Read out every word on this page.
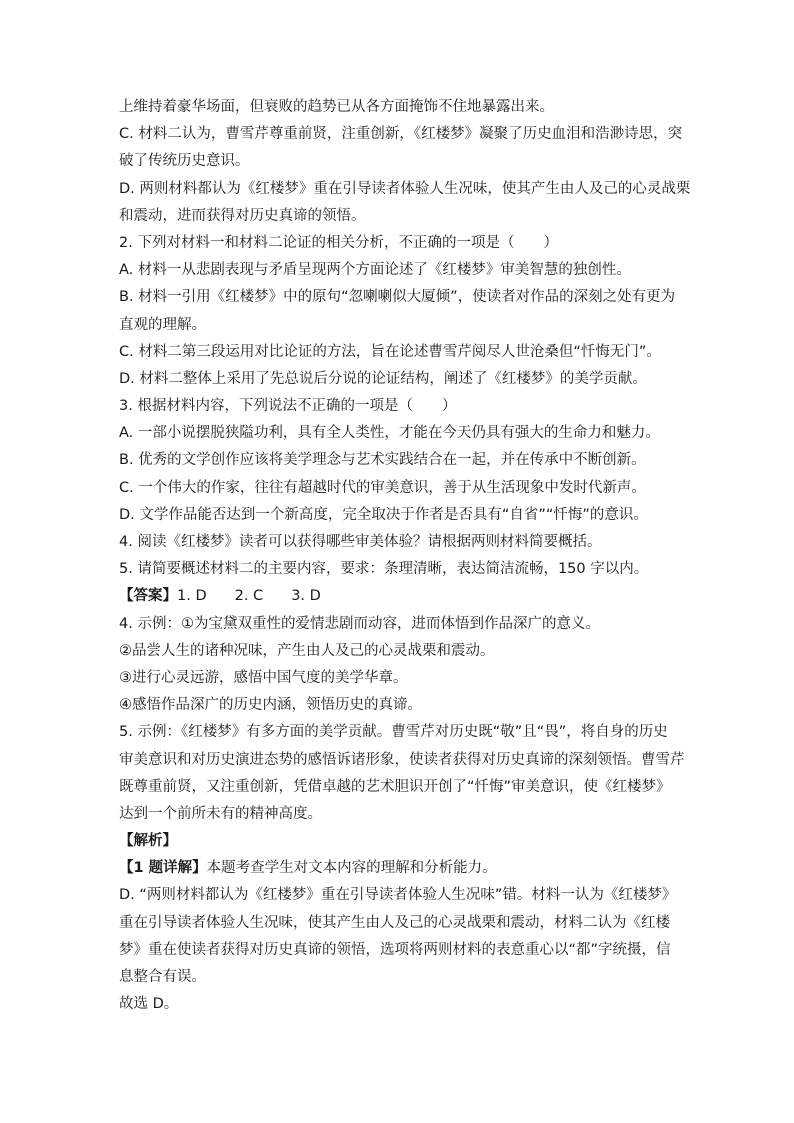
上维持着豪华场面，但衰败的趋势已从各方面掩饰不住地暴露出来。
C. 材料二认为，曹雪芹尊重前贤，注重创新，《红楼梦》凝聚了历史血泪和浩渺诗思，突
破了传统历史意识。
D. 两则材料都认为《红楼梦》重在引导读者体验人生况味，使其产生由人及己的心灵战栗
和震动，进而获得对历史真谛的领悟。
2. 下列对材料一和材料二论证的相关分析，不正确的一项是（　　）
A. 材料一从悲剧表现与矛盾呈现两个方面论述了《红楼梦》审美智慧的独创性。
B. 材料一引用《红楼梦》中的原句“忽喇喇似大厦倾”，使读者对作品的深刻之处有更为
直观的理解。
C. 材料二第三段运用对比论证的方法，旨在论述曹雪芹阅尽人世沧桑但“忏悔无门”。
D. 材料二整体上采用了先总说后分说的论证结构，阐述了《红楼梦》的美学贡献。
3. 根据材料内容，下列说法不正确的一项是（　　）
A. 一部小说摆脱狭隘功利，具有全人类性，才能在今天仍具有强大的生命力和魅力。
B. 优秀的文学创作应该将美学理念与艺术实践结合在一起，并在传承中不断创新。
C. 一个伟大的作家，往往有超越时代的审美意识，善于从生活现象中发时代新声。
D. 文学作品能否达到一个新高度，完全取决于作者是否具有“自省”“忏悔”的意识。
4. 阅读《红楼梦》读者可以获得哪些审美体验？请根据两则材料简要概括。
5. 请简要概述材料二的主要内容，要求：条理清晰，表达简洁流畅，150 字以内。
【答案】1. D 2. C 3. D
4. 示例：①为宝黛双重性的爱情悲剧而动容，进而体悟到作品深广的意义。
②品尝人生的诸种况味，产生由人及己的心灵战栗和震动。
③进行心灵远游，感悟中国气度的美学华章。
④感悟作品深广的历史内涵，领悟历史的真谛。
5. 示例：《红楼梦》有多方面的美学贡献。曹雪芹对历史既“敬”且“畏”，将自身的历史
审美意识和对历史演进态势的感悟诉诸形象，使读者获得对历史真谛的深刻领悟。曹雪芹
既尊重前贤，又注重创新，凭借卓越的艺术胆识开创了“忏悔”审美意识，使《红楼梦》
达到一个前所未有的精神高度。
【解析】
【1 题详解】本题考查学生对文本内容的理解和分析能力。
D. “两则材料都认为《红楼梦》重在引导读者体验人生况味”错。材料一认为《红楼梦》
重在引导读者体验人生况味，使其产生由人及己的心灵战栗和震动，材料二认为《红楼
梦》重在使读者获得对历史真谛的领悟，选项将两则材料的表意重心以“都”字统摄，信
息整合有误。
故选 D。
